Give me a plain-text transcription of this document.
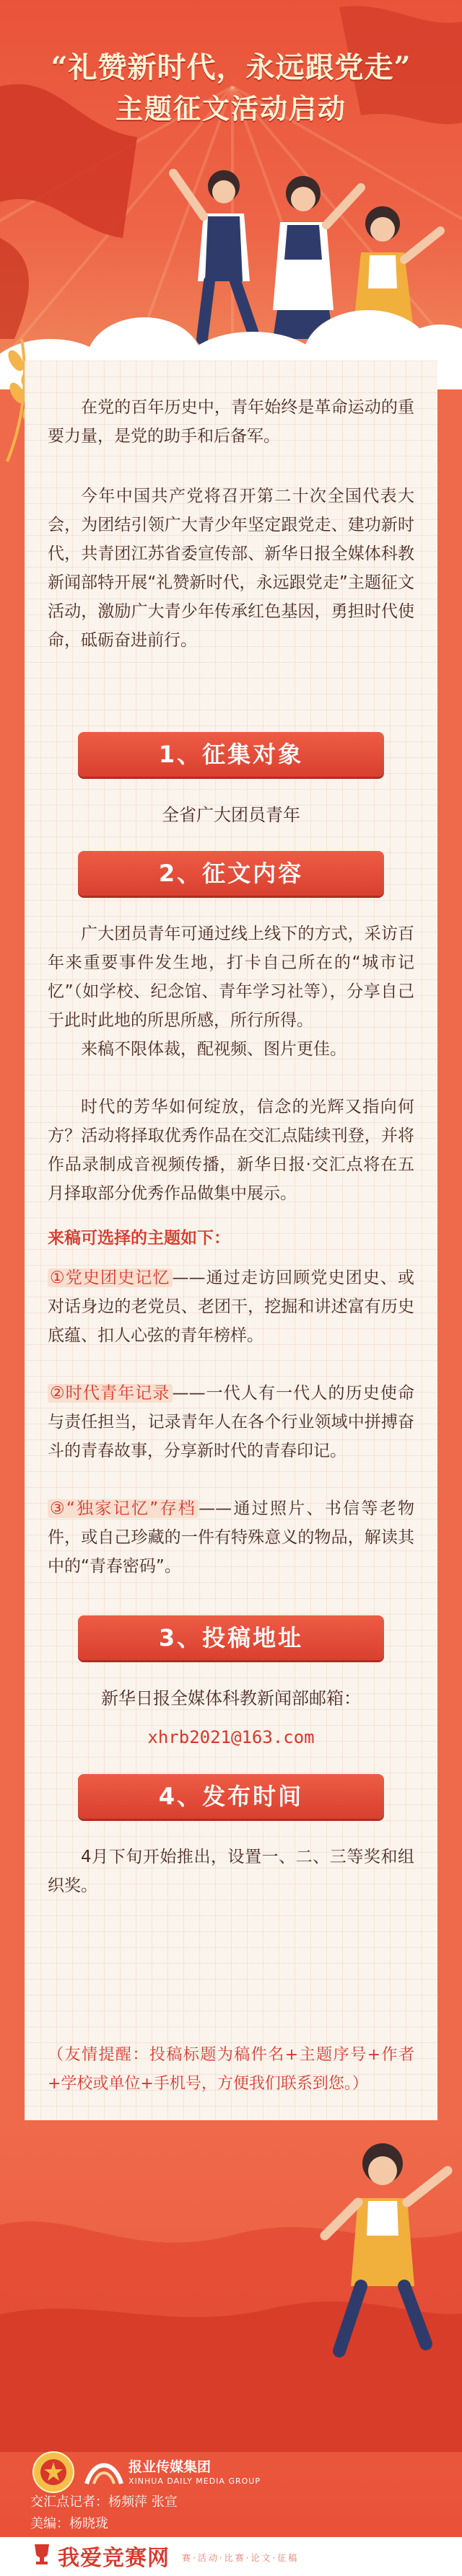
“礼赞新时代，永远跟党走”
主题征文活动启动

在党的百年历史中，青年始终是革命运动的重要力量，是党的助手和后备军。

今年中国共产党将召开第二十次全国代表大会，为团结引领广大青少年坚定跟党走、建功新时代，共青团江苏省委宣传部、新华日报全媒体科教新闻部特开展“礼赞新时代，永远跟党走”主题征文活动，激励广大青少年传承红色基因，勇担时代使命，砥砺奋进前行。

1、征集对象

全省广大团员青年

2、征文内容

广大团员青年可通过线上线下的方式，采访百年来重要事件发生地，打卡自己所在的“城市记忆”（如学校、纪念馆、青年学习社等），分享自己于此时此地的所思所感，所行所得。

来稿不限体裁，配视频、图片更佳。

时代的芳华如何绽放，信念的光辉又指向何方？活动将择取优秀作品在交汇点陆续刊登，并将作品录制成音视频传播，新华日报·交汇点将在五月择取部分优秀作品做集中展示。

来稿可选择的主题如下：

①党史团史记忆 ——通过走访回顾党史团史、或对话身边的老党员、老团干，挖掘和讲述富有历史底蕴、扣人心弦的青年榜样。

②时代青年记录 ——一代人有一代人的历史使命与责任担当，记录青年人在各个行业领域中拼搏奋斗的青春故事，分享新时代的青春印记。

③“独家记忆”存档 ——通过照片、书信等老物件，或自己珍藏的一件有特殊意义的物品，解读其中的“青春密码”。

3、投稿地址

新华日报全媒体科教新闻部邮箱：

xhrb2021@163.com

4、发布时间

4月下旬开始推出，设置一、二、三等奖和组织奖。

（友情提醒：投稿标题为稿件名+主题序号+作者+学校或单位+手机号，方便我们联系到您。）

报业传媒集团
XINHUA DAILY MEDIA GROUP
交汇点记者：杨频萍 张宣
美编：杨晓珑
我爱竞赛网 赛·活动·比赛·论文·征稿
